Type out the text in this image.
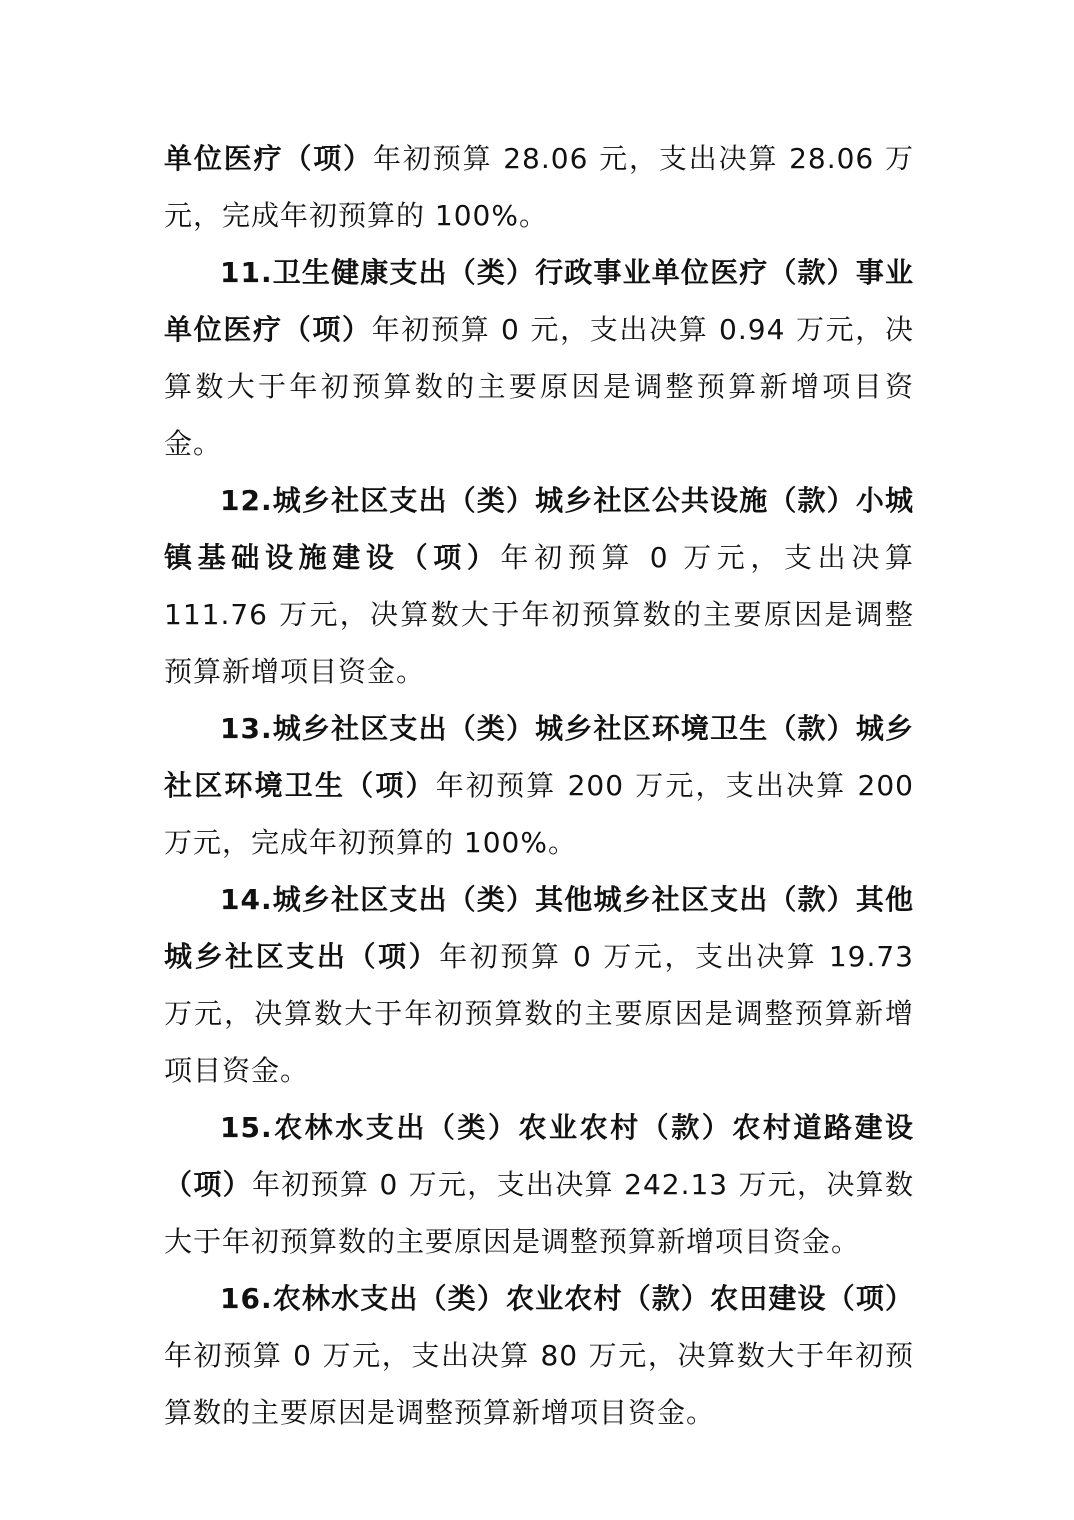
单位医疗（项）年初预算 28.06 元，支出决算 28.06 万元，完成年初预算的 100%。

11.卫生健康支出（类）行政事业单位医疗（款）事业单位医疗（项）年初预算 0 元，支出决算 0.94 万元，决算数大于年初预算数的主要原因是调整预算新增项目资金。

12.城乡社区支出（类）城乡社区公共设施（款）小城镇基础设施建设（项）年初预算 0 万元，支出决算 111.76 万元，决算数大于年初预算数的主要原因是调整预算新增项目资金。

13.城乡社区支出（类）城乡社区环境卫生（款）城乡社区环境卫生（项）年初预算 200 万元，支出决算 200 万元，完成年初预算的 100%。

14.城乡社区支出（类）其他城乡社区支出（款）其他城乡社区支出（项）年初预算 0 万元，支出决算 19.73 万元，决算数大于年初预算数的主要原因是调整预算新增项目资金。

15.农林水支出（类）农业农村（款）农村道路建设（项）年初预算 0 万元，支出决算 242.13 万元，决算数大于年初预算数的主要原因是调整预算新增项目资金。

16.农林水支出（类）农业农村（款）农田建设（项）年初预算 0 万元，支出决算 80 万元，决算数大于年初预算数的主要原因是调整预算新增项目资金。
